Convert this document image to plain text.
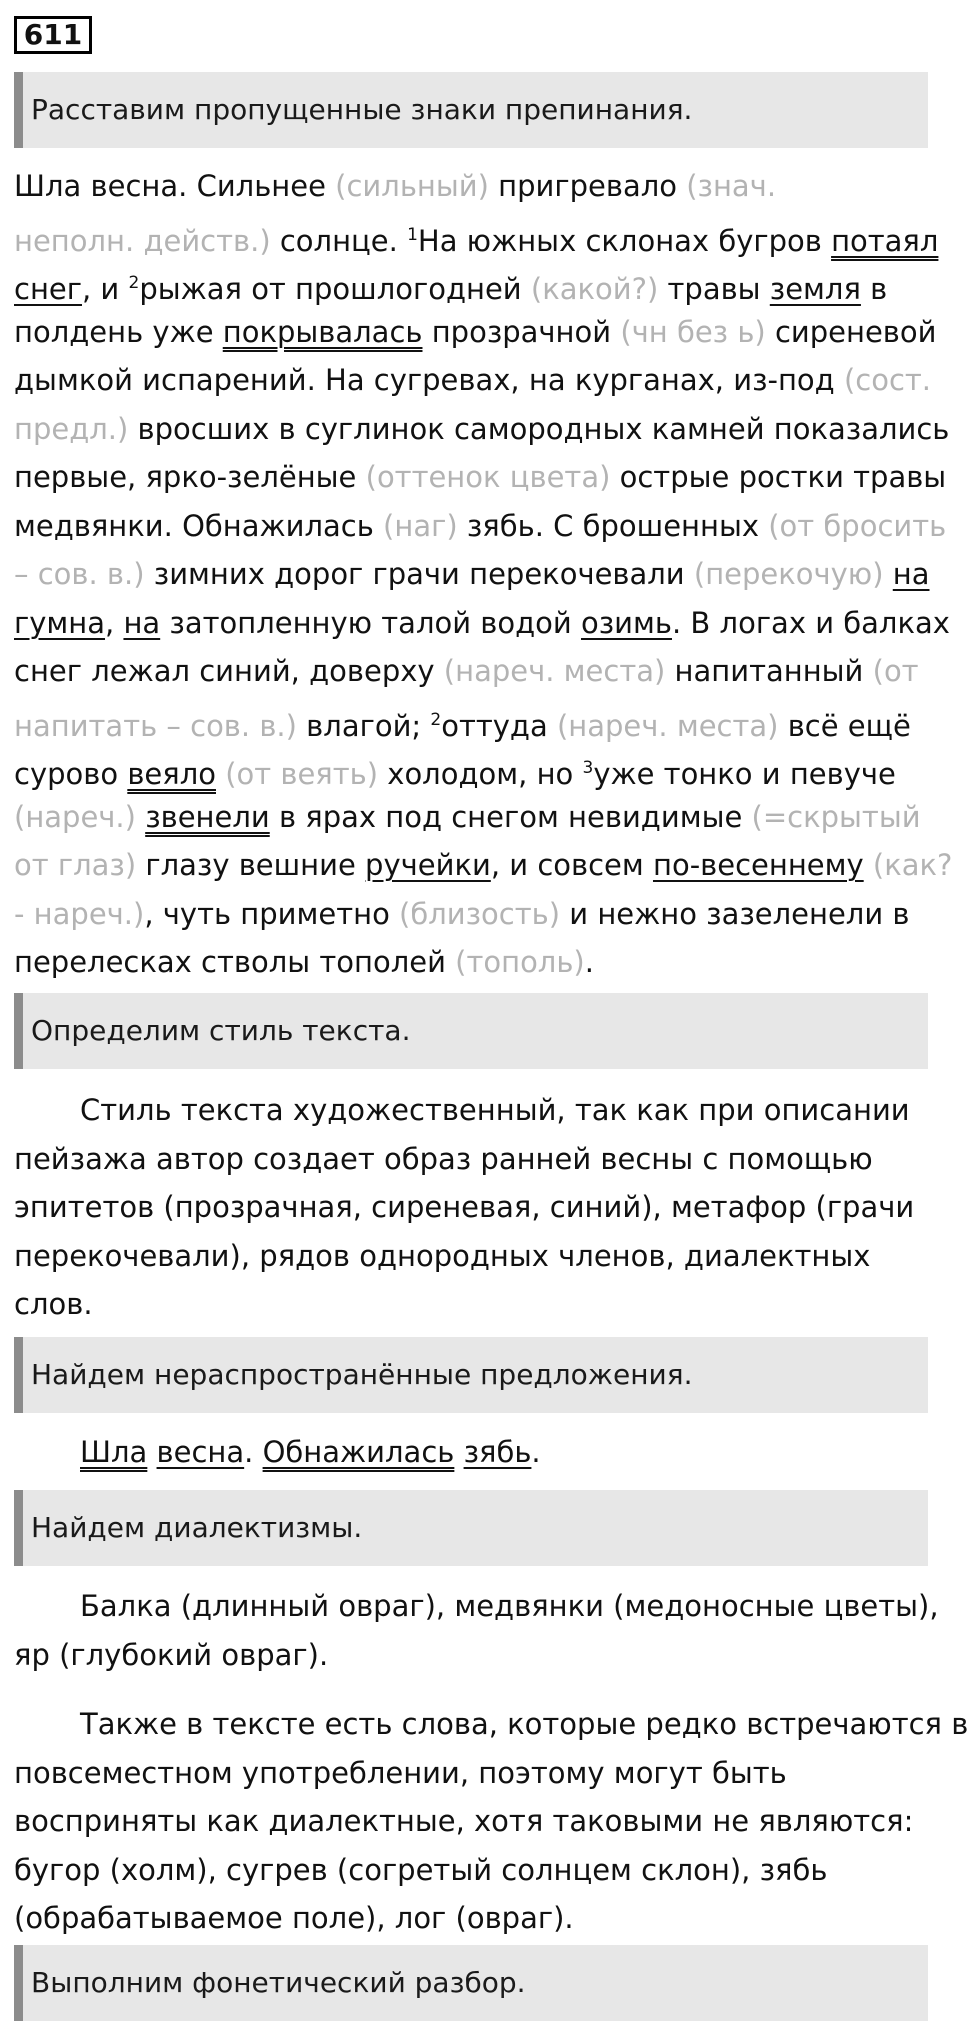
611
Расставим пропущенные знаки препинания.
Шла весна. Сильнее (сильный) пригревало (знач.
неполн. действ.) солнце. $^1$На южных склонах бугров потаял
снег, и $^2$рыжая от прошлогодней (какой?) травы земля в
полдень уже покрывалась прозрачной (чн без ь) сиреневой
дымкой испарений. На сугревах, на курганах, из-под (сост.
предл.) вросших в суглинок самородных камней показались
первые, ярко-зелёные (оттенок цвета) острые ростки травы
медвянки. Обнажилась (наг) зябь. С брошенных (от бросить
– сов. в.) зимних дорог грачи перекочевали (перекочую) на
гумна, на затопленную талой водой озимь. В логах и балках
снег лежал синий, доверху (нареч. места) напитанный (от
напитать – сов. в.) влагой; $^2$оттуда (нареч. места) всё ещё
сурово веяло (от веять) холодом, но $^3$уже тонко и певуче
(нареч.) звенели в ярах под снегом невидимые (=скрытый
от глаз) глазу вешние ручейки, и совсем по-весеннему (как?
- нареч.), чуть приметно (близость) и нежно зазеленели в
перелесках стволы тополей (тополь).
Определим стиль текста.
Стиль текста художественный, так как при описании
пейзажа автор создает образ ранней весны с помощью
эпитетов (прозрачная, сиреневая, синий), метафор (грачи
перекочевали), рядов однородных членов, диалектных
слов.
Найдем нераспространённые предложения.
Шла весна. Обнажилась зябь.
Найдем диалектизмы.
Балка (длинный овраг), медвянки (медоносные цветы),
яр (глубокий овраг).
Также в тексте есть слова, которые редко встречаются в
повсеместном употреблении, поэтому могут быть
восприняты как диалектные, хотя таковыми не являются:
бугор (холм), сугрев (согретый солнцем склон), зябь
(обрабатываемое поле), лог (овраг).
Выполним фонетический разбор.
